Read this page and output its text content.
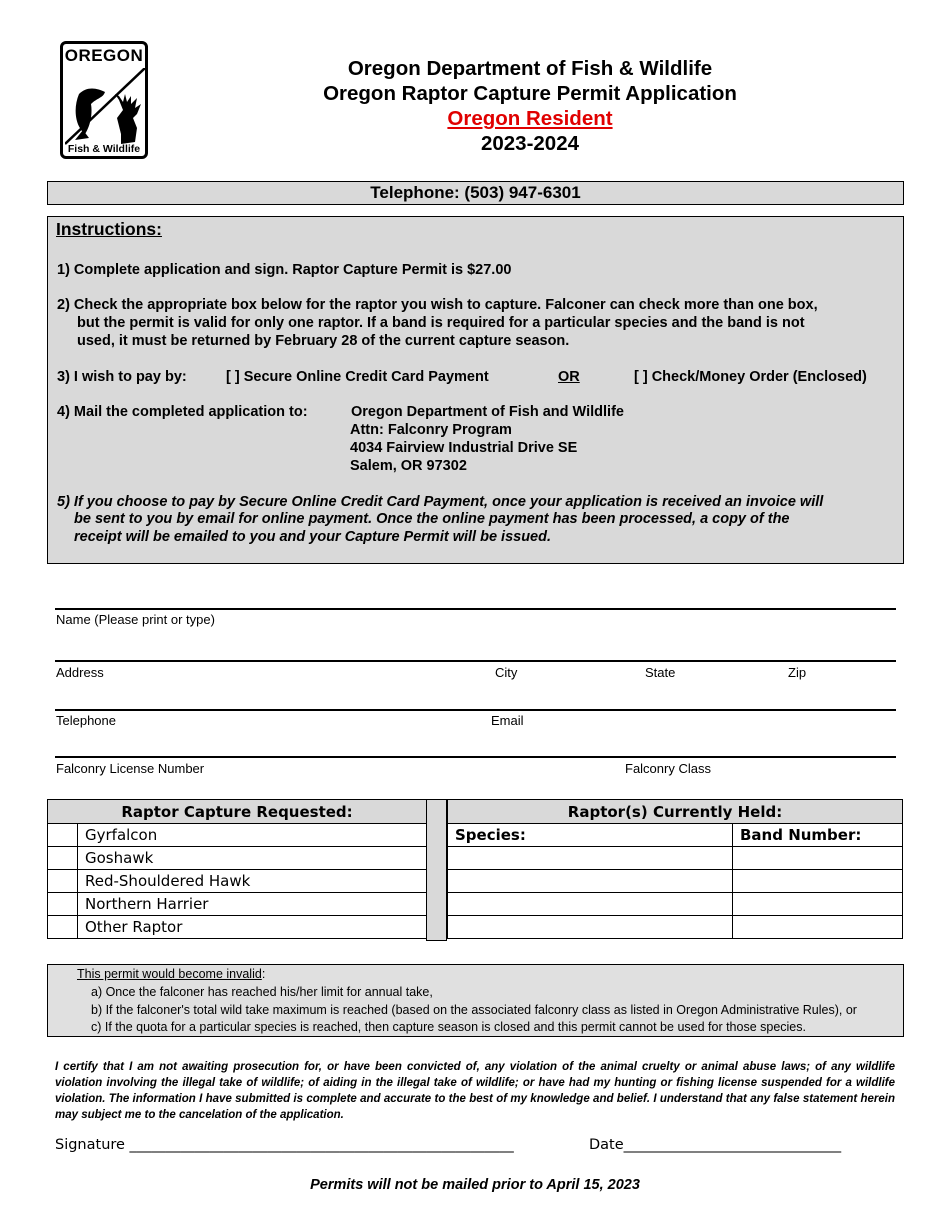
OREGON
Fish & Wildlife
Oregon Department of Fish & Wildlife
Oregon Raptor Capture Permit Application
Oregon Resident
2023-2024
Telephone: (503) 947-6301
Instructions:
1) Complete application and sign. Raptor Capture Permit is $27.00
2) Check the appropriate box below for the raptor you wish to capture. Falconer can check more than one box,
but the permit is valid for only one raptor. If a band is required for a particular species and the band is not
used, it must be returned by February 28 of the current capture season.
3) I wish to pay by:	[ ] Secure Online Credit Card Payment	OR	[ ] Check/Money Order (Enclosed)
4) Mail the completed application to:	Oregon Department of Fish and Wildlife
Attn: Falconry Program
4034 Fairview Industrial Drive SE
Salem, OR 97302
5) If you choose to pay by Secure Online Credit Card Payment, once your application is received an invoice will
be sent to you by email for online payment. Once the online payment has been processed, a copy of the
receipt will be emailed to you and your Capture Permit will be issued.
Name (Please print or type)
Address	City	State	Zip
Telephone	Email
Falconry License Number	Falconry Class
Raptor Capture Requested:	
	Gyrfalcon
	Goshawk
	Red-Shouldered Hawk
	Northern Harrier
	Other Raptor
Raptor(s) Currently Held:	
Species:	Band Number:

This permit would become invalid:
a) Once the falconer has reached his/her limit for annual take,
b) If the falconer's total wild take maximum is reached (based on the associated falconry class as listed in Oregon Administrative Rules), or
c) If the quota for a particular species is reached, then capture season is closed and this permit cannot be used for those species.
I certify that I am not awaiting prosecution for, or have been convicted of, any violation of the animal cruelty or animal abuse laws; of any wildlife violation involving the illegal take of wildlife; of aiding in the illegal take of wildlife; or have had my hunting or fishing license suspended for a wildlife violation. The information I have submitted is complete and accurate to the best of my knowledge and belief. I understand that any false statement herein may subject me to the cancelation of the application.
Signature _____________________________________________________	Date______________________________
Permits will not be mailed prior to April 15, 2023
